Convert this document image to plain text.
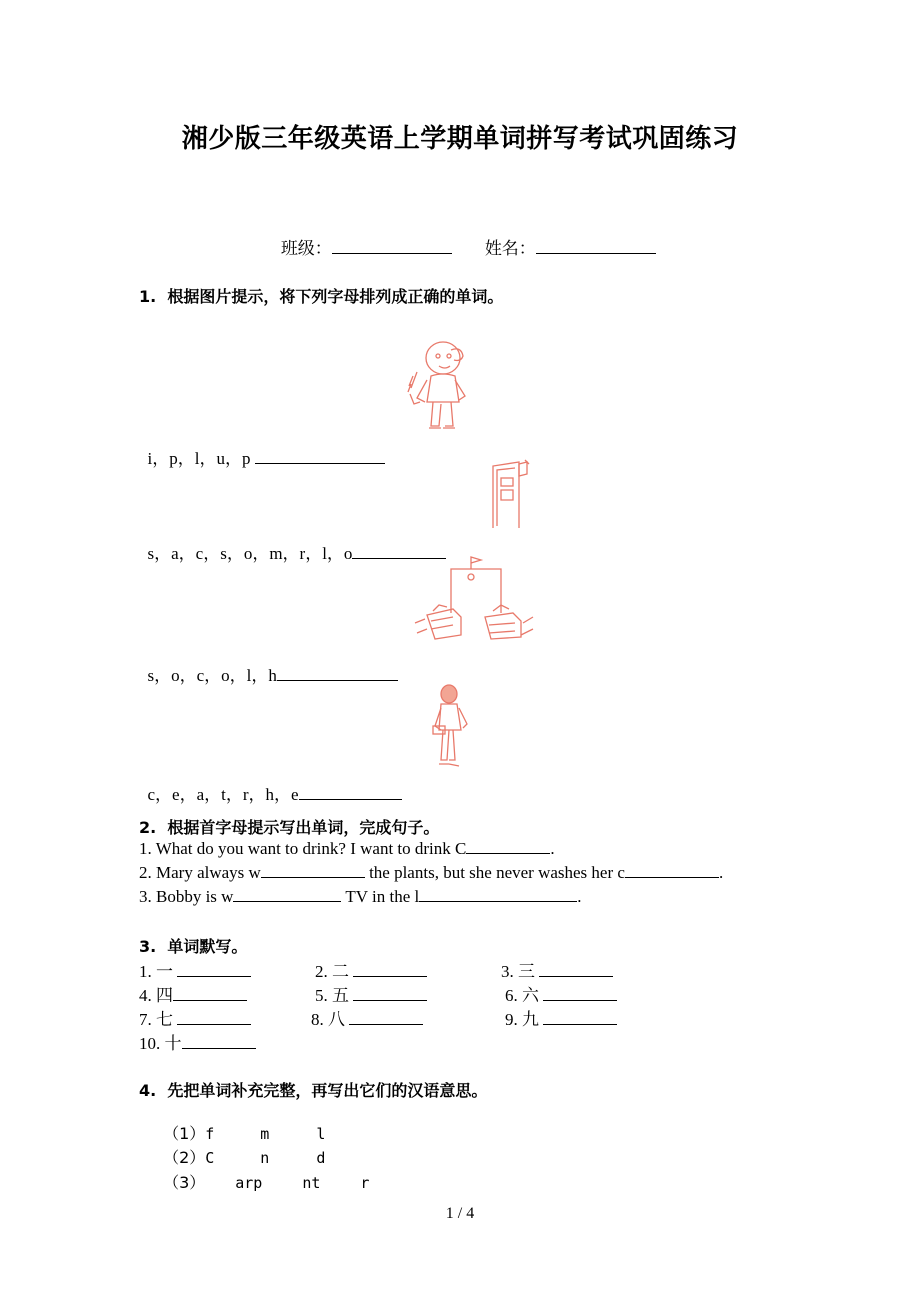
湘少版三年级英语上学期单词拼写考试巩固练习

班级：	姓名：

1.  根据图片提示，将下列字母排列成正确的单词。

i，p，l，u，p

s，a，c，s，o，m，r，l，o

s，o，c，o，l，h

c，e，a，t，r，h，e

2.  根据首字母提示写出单词，完成句子。
1. What do you want to drink? I want to drink C	.
2. Mary always w	the plants, but she never washes her c	.
3. Bobby is w	TV in the l	.
3.  单词默写。
1. 一	2. 二	3. 三
4. 四	5. 五	6. 六
7. 七	8. 八	9. 九
10. 十
4.  先把单词补充完整，再写出它们的汉语意思。

（1）f	m	l

（2）C	n	d

（3） arp	nt	r

1 / 4
